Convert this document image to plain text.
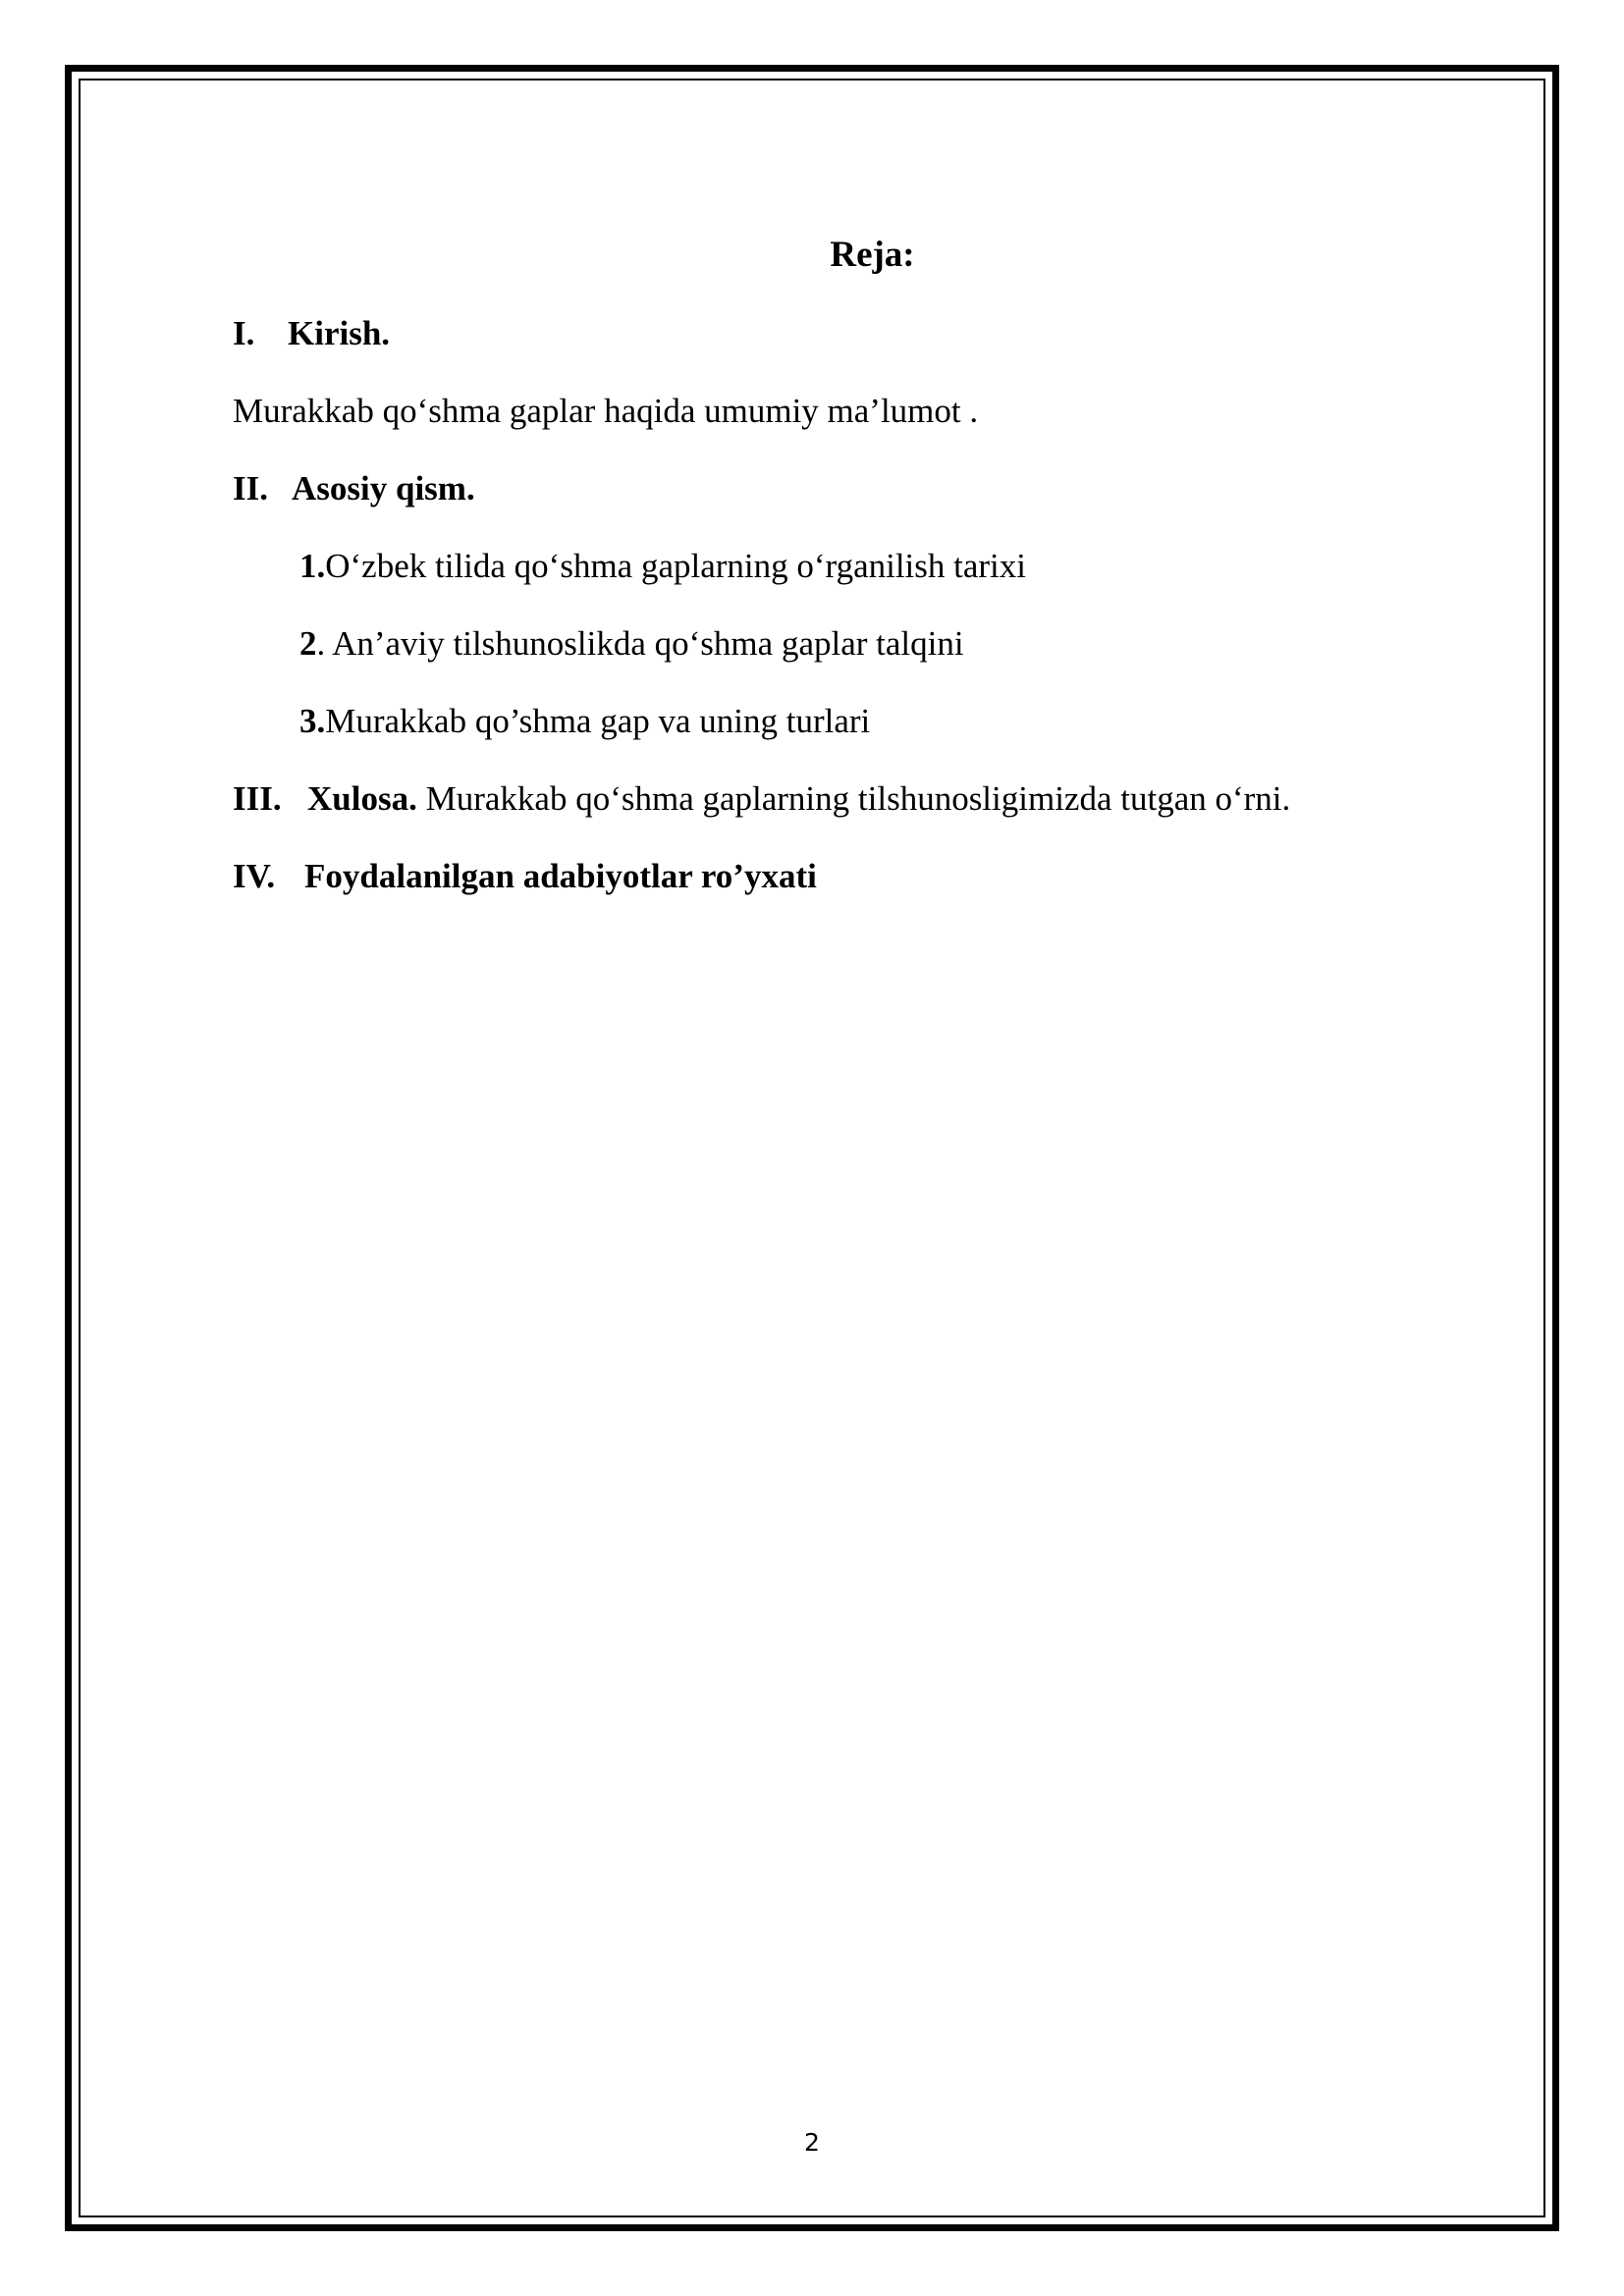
Reja:
I. Kirish.
Murakkab qo‘shma gaplar haqida umumiy ma’lumot .
II. Asosiy qism.
1.O‘zbek tilida qo‘shma gaplarning o‘rganilish tarixi
2. An’aviy tilshunoslikda qo‘shma gaplar talqini
3.Murakkab qo’shma gap va uning turlari
III. Xulosa. Murakkab qo‘shma gaplarning tilshunosligimizda tutgan o‘rni.
IV. Foydalanilgan adabiyotlar ro’yxati
2
